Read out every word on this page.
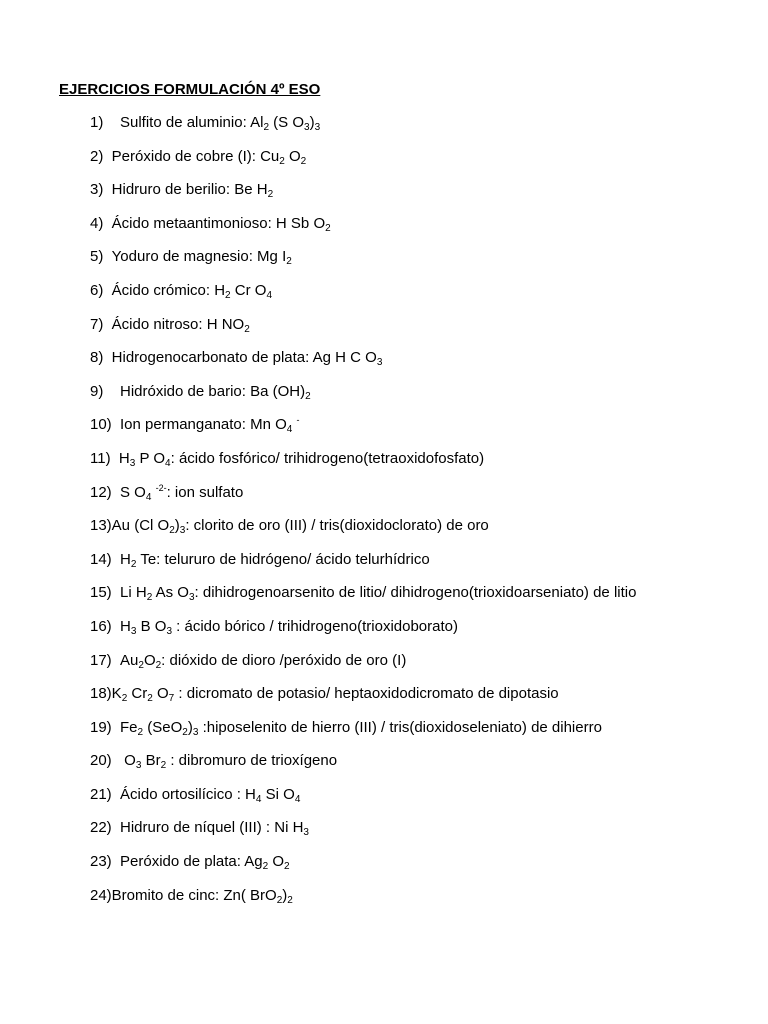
EJERCICIOS FORMULACIÓN 4º ESO
1)    Sulfito de aluminio: $Al_2$ (S $O_3)_3$
2)  Peróxido de cobre (I): $Cu_2$ $O_2$
3)  Hidruro de berilio: Be $H_2$
4)  Ácido metaantimonioso: H Sb $O_2$
5)  Yoduro de magnesio: Mg $I_2$
6)  Ácido crómico: $H_2$ Cr $O_4$
7)  Ácido nitroso: H $NO_2$
8)  Hidrogenocarbonato de plata: Ag H C $O_3$
9)    Hidróxido de bario: Ba $(OH)_2$
10)  Ion permanganato: Mn $O_4$ -
11)  $H_3$ P $O_4$: ácido fosfórico/ trihidrogeno(tetraoxidofosfato)
12)  S $O_4$ $^{-2-}$: ion sulfato
13)Au (Cl $O_2)_3$: clorito de oro (III) / tris(dioxidoclorato) de oro
14)  $H_2$ Te: telururo de hidrógeno/ ácido telurhídrico
15)  Li $H_2$ As $O_3$: dihidrogenoarsenito de litio/ dihidrogeno(trioxidoarseniato) de litio
16)  $H_3$ B $O_3$ : ácido bórico / trihidrogeno(trioxidoborato)
17)  $Au_2O_2$: dióxido de dioro /peróxido de oro (I)
$18)K_2$ $Cr_2$ $O_7$ : dicromato de potasio/ heptaoxidodicromato de dipotasio
19)  $Fe_2$ $(SeO_2)_3$ :hiposelenito de hierro (III) / tris(dioxidoseleniato) de dihierro
20)   $O_3$ $Br_2$ : dibromuro de trioxígeno
21)  Ácido ortosilícico : $H_4$ Si $O_4$
22)  Hidruro de níquel (III) : Ni $H_3$
23)  Peróxido de plata: $Ag_2$ $O_2$
24)Bromito de cinc: Zn( $BrO_2)_2$
